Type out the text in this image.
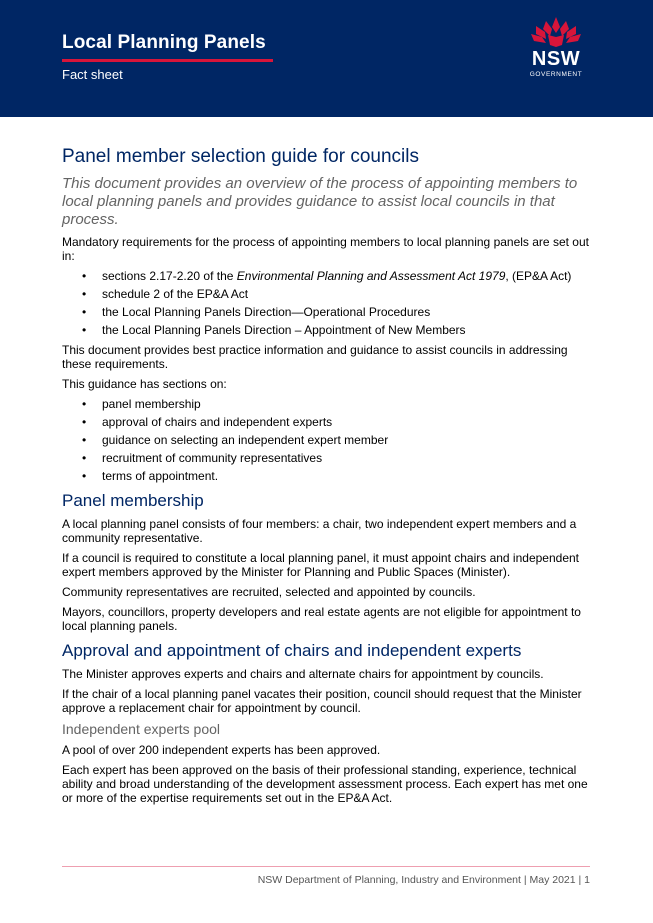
Local Planning Panels
Fact sheet
NSW
GOVERNMENT
Panel member selection guide for councils

This document provides an overview of the process of appointing members to local planning panels and provides guidance to assist local councils in that process.

Mandatory requirements for the process of appointing members to local planning panels are set out in:

• sections 2.17-2.20 of the Environmental Planning and Assessment Act 1979, (EP&A Act)
• schedule 2 of the EP&A Act
• the Local Planning Panels Direction—Operational Procedures
• the Local Planning Panels Direction – Appointment of New Members

This document provides best practice information and guidance to assist councils in addressing these requirements.

This guidance has sections on:

• panel membership
• approval of chairs and independent experts
• guidance on selecting an independent expert member
• recruitment of community representatives
• terms of appointment.
Panel membership

A local planning panel consists of four members: a chair, two independent expert members and a community representative.

If a council is required to constitute a local planning panel, it must appoint chairs and independent expert members approved by the Minister for Planning and Public Spaces (Minister).

Community representatives are recruited, selected and appointed by councils.

Mayors, councillors, property developers and real estate agents are not eligible for appointment to local planning panels.

Approval and appointment of chairs and independent experts

The Minister approves experts and chairs and alternate chairs for appointment by councils.

If the chair of a local planning panel vacates their position, council should request that the Minister approve a replacement chair for appointment by council.

Independent experts pool

A pool of over 200 independent experts has been approved.

Each expert has been approved on the basis of their professional standing, experience, technical ability and broad understanding of the development assessment process. Each expert has met one or more of the expertise requirements set out in the EP&A Act.

NSW Department of Planning, Industry and Environment | May 2021 | 1
